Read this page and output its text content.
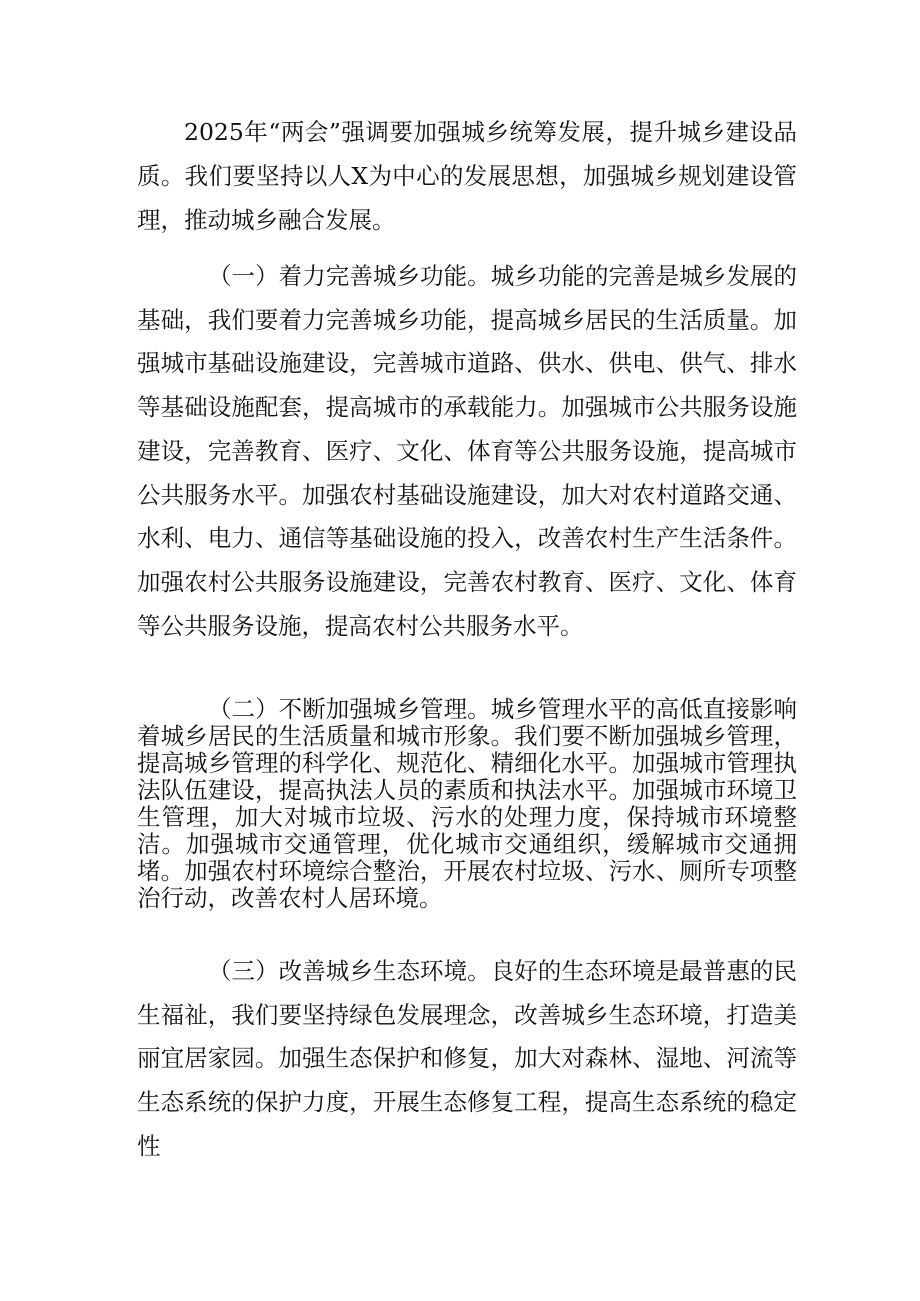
2025年“两会”强调要加强城乡统筹发展，提升城乡建设品质。我们要坚持以人X为中心的发展思想，加强城乡规划建设管理，推动城乡融合发展。

（一）着力完善城乡功能。城乡功能的完善是城乡发展的基础，我们要着力完善城乡功能，提高城乡居民的生活质量。加强城市基础设施建设，完善城市道路、供水、供电、供气、排水等基础设施配套，提高城市的承载能力。加强城市公共服务设施建设，完善教育、医疗、文化、体育等公共服务设施，提高城市公共服务水平。加强农村基础设施建设，加大对农村道路交通、水利、电力、通信等基础设施的投入，改善农村生产生活条件。加强农村公共服务设施建设，完善农村教育、医疗、文化、体育等公共服务设施，提高农村公共服务水平。

（二）不断加强城乡管理。城乡管理水平的高低直接影响着城乡居民的生活质量和城市形象。我们要不断加强城乡管理，提高城乡管理的科学化、规范化、精细化水平。加强城市管理执法队伍建设，提高执法人员的素质和执法水平。加强城市环境卫生管理，加大对城市垃圾、污水的处理力度，保持城市环境整洁。加强城市交通管理，优化城市交通组织，缓解城市交通拥堵。加强农村环境综合整治，开展农村垃圾、污水、厕所专项整治行动，改善农村人居环境。

（三）改善城乡生态环境。良好的生态环境是最普惠的民生福祉，我们要坚持绿色发展理念，改善城乡生态环境，打造美丽宜居家园。加强生态保护和修复，加大对森林、湿地、河流等生态系统的保护力度，开展生态修复工程，提高生态系统的稳定性
